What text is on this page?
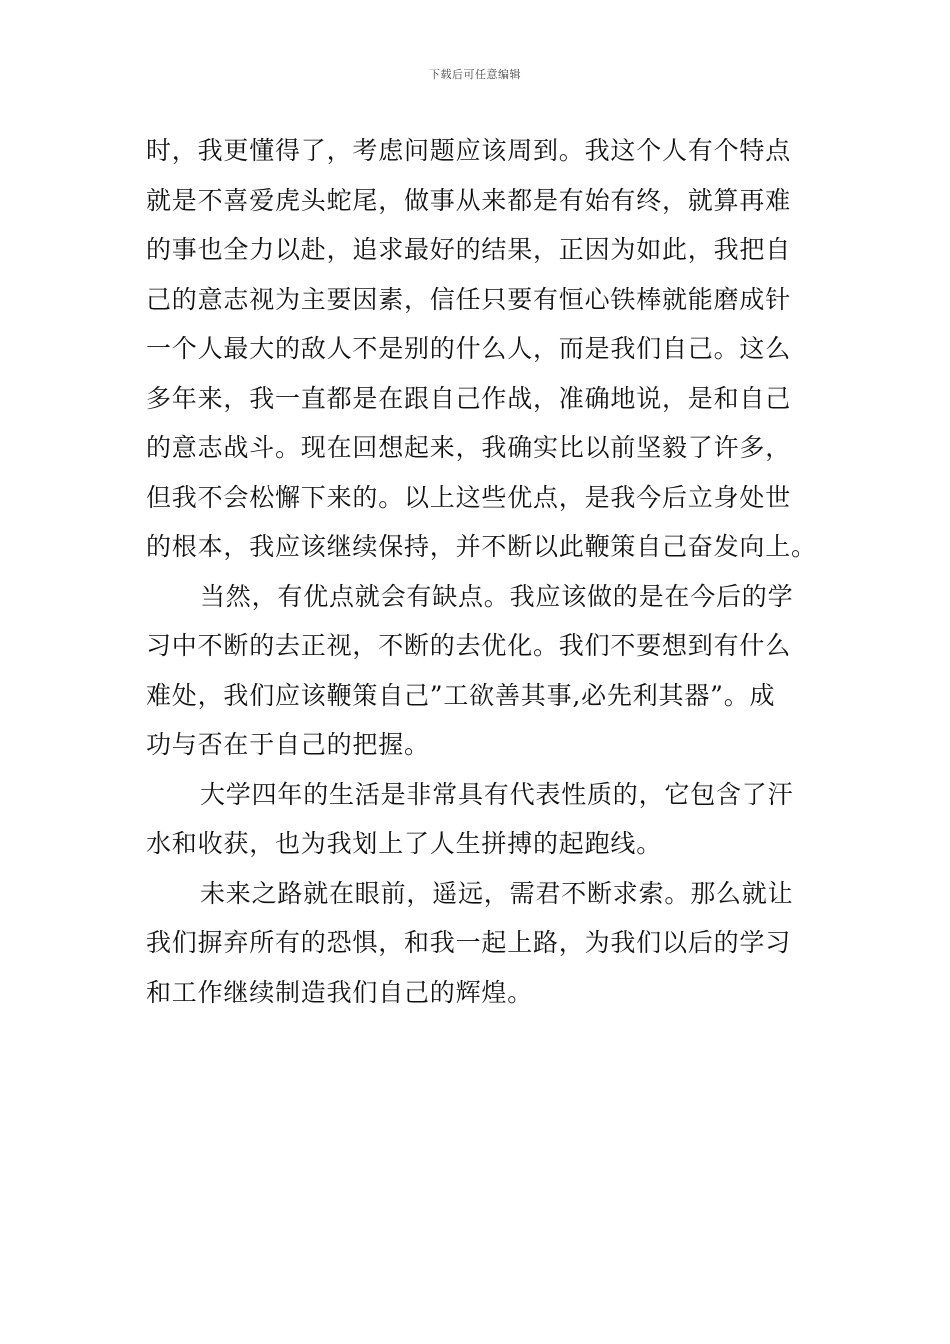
下载后可任意编辑
时，我更懂得了，考虑问题应该周到。我这个人有个特点
就是不喜爱虎头蛇尾，做事从来都是有始有终，就算再难
的事也全力以赴，追求最好的结果，正因为如此，我把自
己的意志视为主要因素，信任只要有恒心铁棒就能磨成针
一个人最大的敌人不是别的什么人，而是我们自己。这么
多年来，我一直都是在跟自己作战，准确地说，是和自己
的意志战斗。现在回想起来，我确实比以前坚毅了许多，
但我不会松懈下来的。以上这些优点，是我今后立身处世
的根本，我应该继续保持，并不断以此鞭策自己奋发向上。
当然，有优点就会有缺点。我应该做的是在今后的学
习中不断的去正视，不断的去优化。我们不要想到有什么
难处，我们应该鞭策自己”工欲善其事,必先利其器”。成
功与否在于自己的把握。
大学四年的生活是非常具有代表性质的，它包含了汗
水和收获，也为我划上了人生拼搏的起跑线。
未来之路就在眼前，遥远，需君不断求索。那么就让
我们摒弃所有的恐惧，和我一起上路，为我们以后的学习
和工作继续制造我们自己的辉煌。
